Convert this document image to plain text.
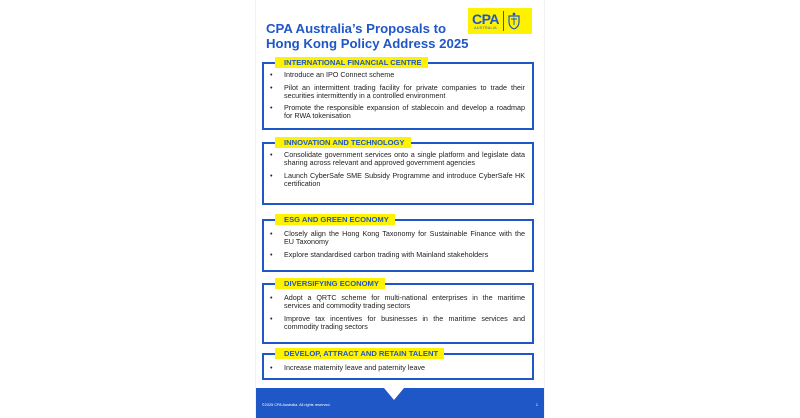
CPA Australia’s Proposals to
Hong Kong Policy Address 2025
CPA
AUSTRALIA
INTERNATIONAL FINANCIAL CENTRE
• Introduce an IPO Connect scheme
• Pilot an intermittent trading facility for private companies to trade their securities intermittently in a controlled environment
• Promote the responsible expansion of stablecoin and develop a roadmap for RWA tokenisation
INNOVATION AND TECHNOLOGY
• Consolidate government services onto a single platform and legislate data sharing across relevant and approved government agencies
• Launch CyberSafe SME Subsidy Programme and introduce CyberSafe HK certification
ESG AND GREEN ECONOMY
• Closely align the Hong Kong Taxonomy for Sustainable Finance with the EU Taxonomy
• Explore standardised carbon trading with Mainland stakeholders
DIVERSIFYING ECONOMY
• Adopt a QRTC scheme for multi-national enterprises in the maritime services and commodity trading sectors
• Improve tax incentives for businesses in the maritime services and commodity trading sectors
DEVELOP, ATTRACT AND RETAIN TALENT
• Increase maternity leave and paternity leave
©2025 CPA Australia. All rights reserved.	1
